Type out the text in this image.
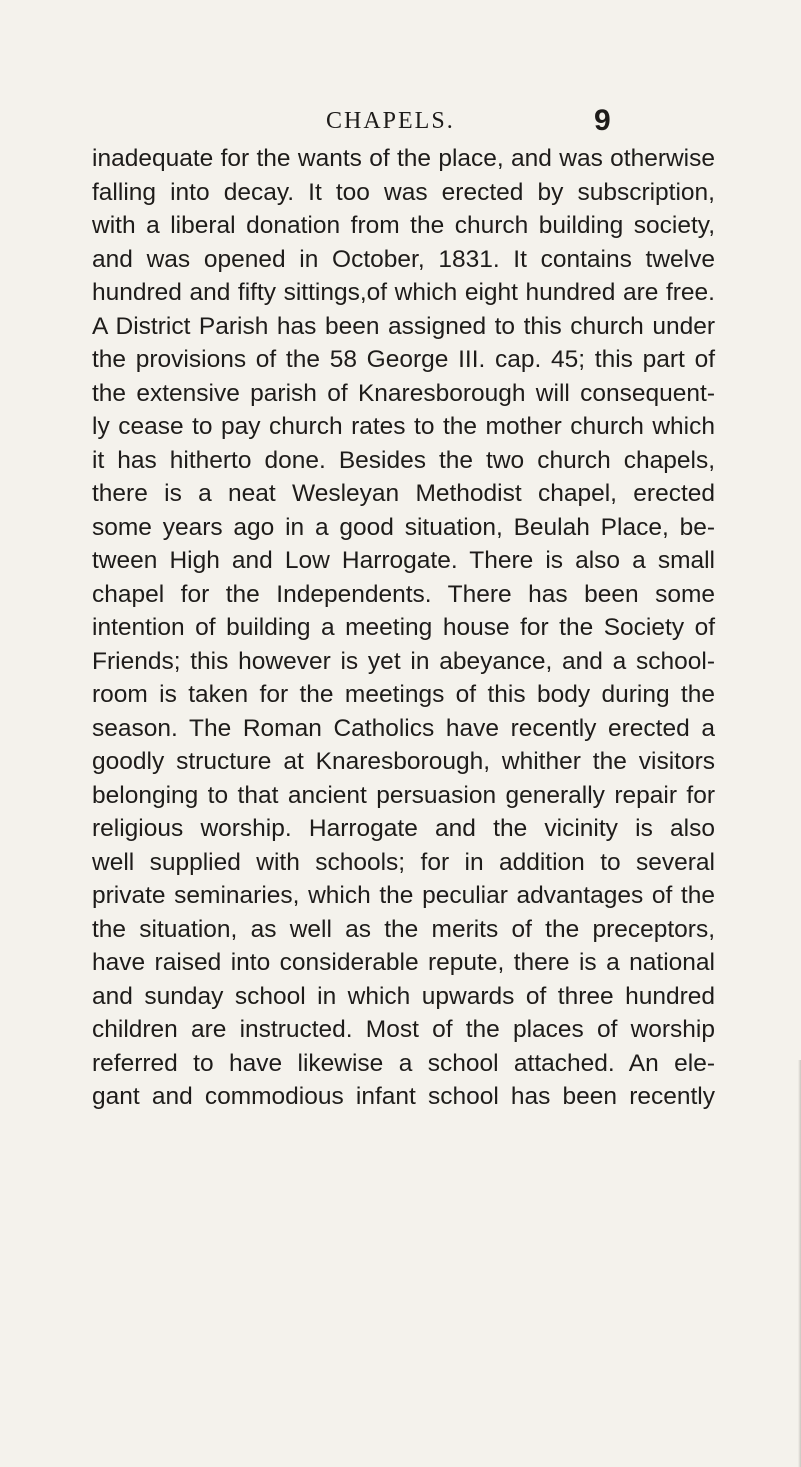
CHAPELS.	9
inadequate for the wants of the place, and was otherwise
falling into decay. It too was erected by subscription,
with a liberal donation from the church building society,
and was opened in October, 1831. It contains twelve
hundred and fifty sittings,of which eight hundred are free.
A District Parish has been assigned to this church under
the provisions of the 58 George III. cap. 45; this part of
the extensive parish of Knaresborough will consequent-
ly cease to pay church rates to the mother church which
it has hitherto done. Besides the two church chapels,
there is a neat Wesleyan Methodist chapel, erected
some years ago in a good situation, Beulah Place, be-
tween High and Low Harrogate. There is also a small
chapel for the Independents. There has been some
intention of building a meeting house for the Society of
Friends; this however is yet in abeyance, and a school-
room is taken for the meetings of this body during the
season. The Roman Catholics have recently erected a
goodly structure at Knaresborough, whither the visitors
belonging to that ancient persuasion generally repair for
religious worship. Harrogate and the vicinity is also
well supplied with schools; for in addition to several
private seminaries, which the peculiar advantages of the
the situation, as well as the merits of the preceptors,
have raised into considerable repute, there is a national
and sunday school in which upwards of three hundred
children are instructed. Most of the places of worship
referred to have likewise a school attached. An ele-
gant and commodious infant school has been recently
